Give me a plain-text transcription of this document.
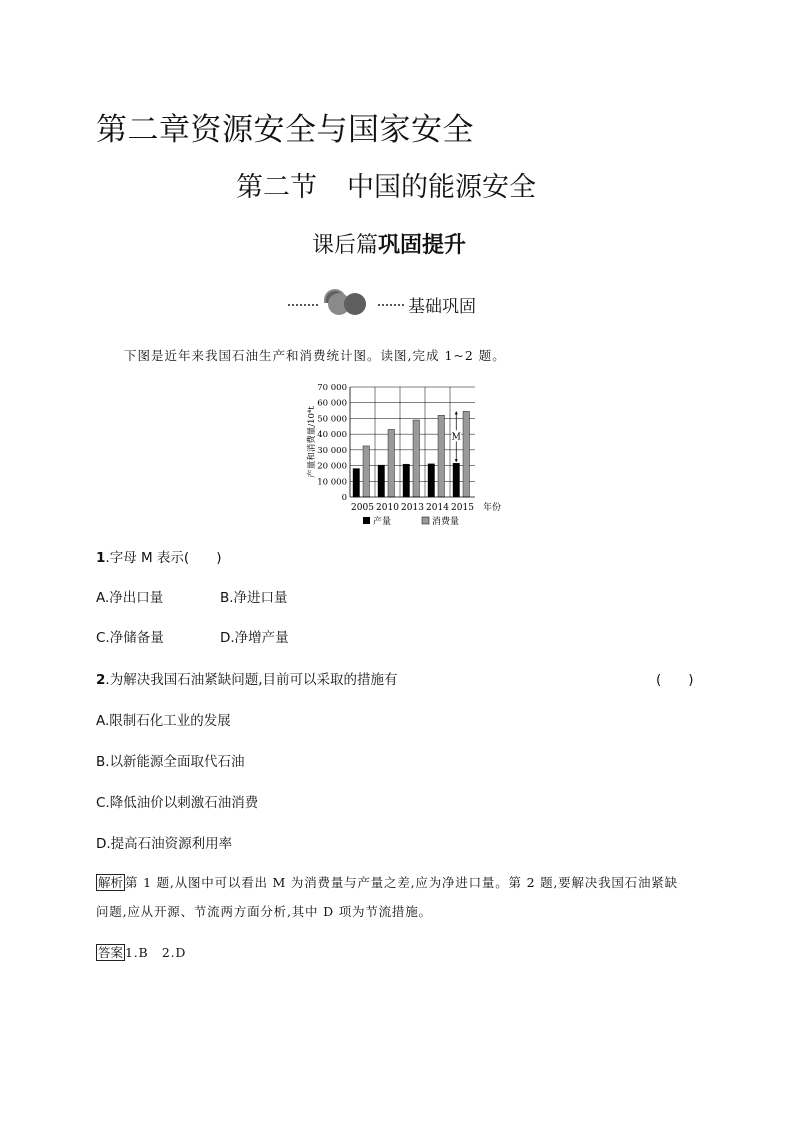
第二章资源安全与国家安全
第二节 中国的能源安全
课后篇巩固提升
基础巩固
下图是近年来我国石油生产和消费统计图。读图,完成 1~2 题。
0
10 000
20 000
30 000
40 000
50 000
60 000
70 000
2005 2010 2013 2014 2015
产量和消费量/10⁴t
年份
M
产量	消费量
1.字母 M 表示(　　)
A.净出口量	B.净进口量
C.净储备量	D.净增产量
2.为解决我国石油紧缺问题,目前可以采取的措施有	(　　)
A.限制石化工业的发展
B.以新能源全面取代石油
C.降低油价以刺激石油消费
D.提高石油资源利用率
解析 第 1 题,从图中可以看出 M 为消费量与产量之差,应为净进口量。第 2 题,要解决我国石油紧缺
问题,应从开源、节流两方面分析,其中 D 项为节流措施。
答案 1.B　2.D
